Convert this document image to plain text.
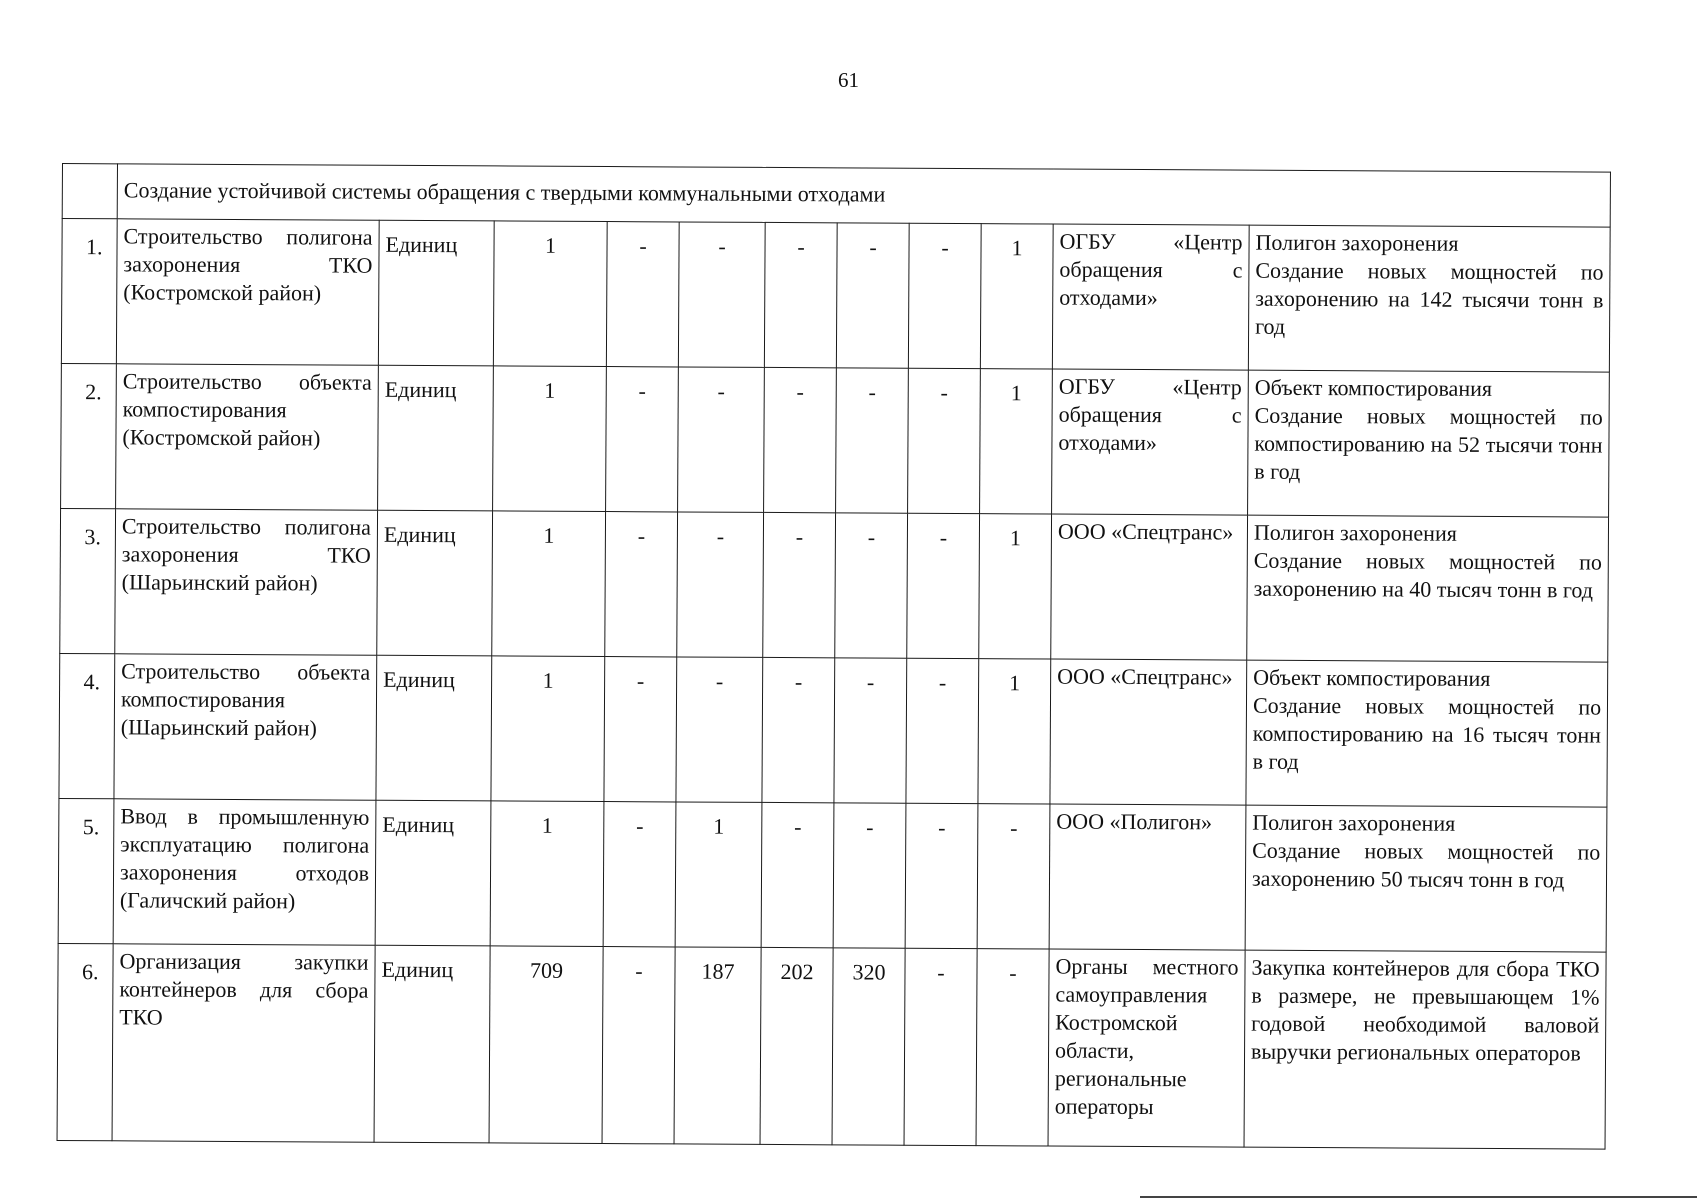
61
	Создание устойчивой системы обращения с твердыми коммунальными отходами										
1.	Строительство полигона захоронения ТКО (Костромской район)	Единиц	1	-	-	-	-	-	1	ОГБУ «Центр обращения с отходами»	Полигон захоронения
Создание новых мощностей по захоронению на 142 тысячи тонн в год

2.	Строительство объекта компостирования (Костромской район)	Единиц	1	-	-	-	-	-	1	ОГБУ «Центр обращения с отходами»	Объект компостирования
Создание новых мощностей по компостированию на 52 тысячи тонн в год

3.	Строительство полигона захоронения ТКО (Шарьинский район)	Единиц	1	-	-	-	-	-	1	ООО «Спецтранс»	Полигон захоронения
Создание новых мощностей по захоронению на 40 тысяч тонн в год

4.	Строительство объекта компостирования (Шарьинский район)	Единиц	1	-	-	-	-	-	1	ООО «Спецтранс»	Объект компостирования
Создание новых мощностей по компостированию на 16 тысяч тонн в год

5.	Ввод в промышленную эксплуатацию полигона захоронения отходов (Галичский район)	Единиц	1	-	1	-	-	-	-	ООО «Полигон»	Полигон захоронения
Создание новых мощностей по захоронению 50 тысяч тонн в год

6.	Организация закупки контейнеров для сбора ТКО	Единиц	709	-	187	202	320	-	-	Органы местного самоуправления Костромской области, региональные операторы	Закупка контейнеров для сбора ТКО в размере, не превышающем 1% годовой необходимой валовой выручки региональных операторов
